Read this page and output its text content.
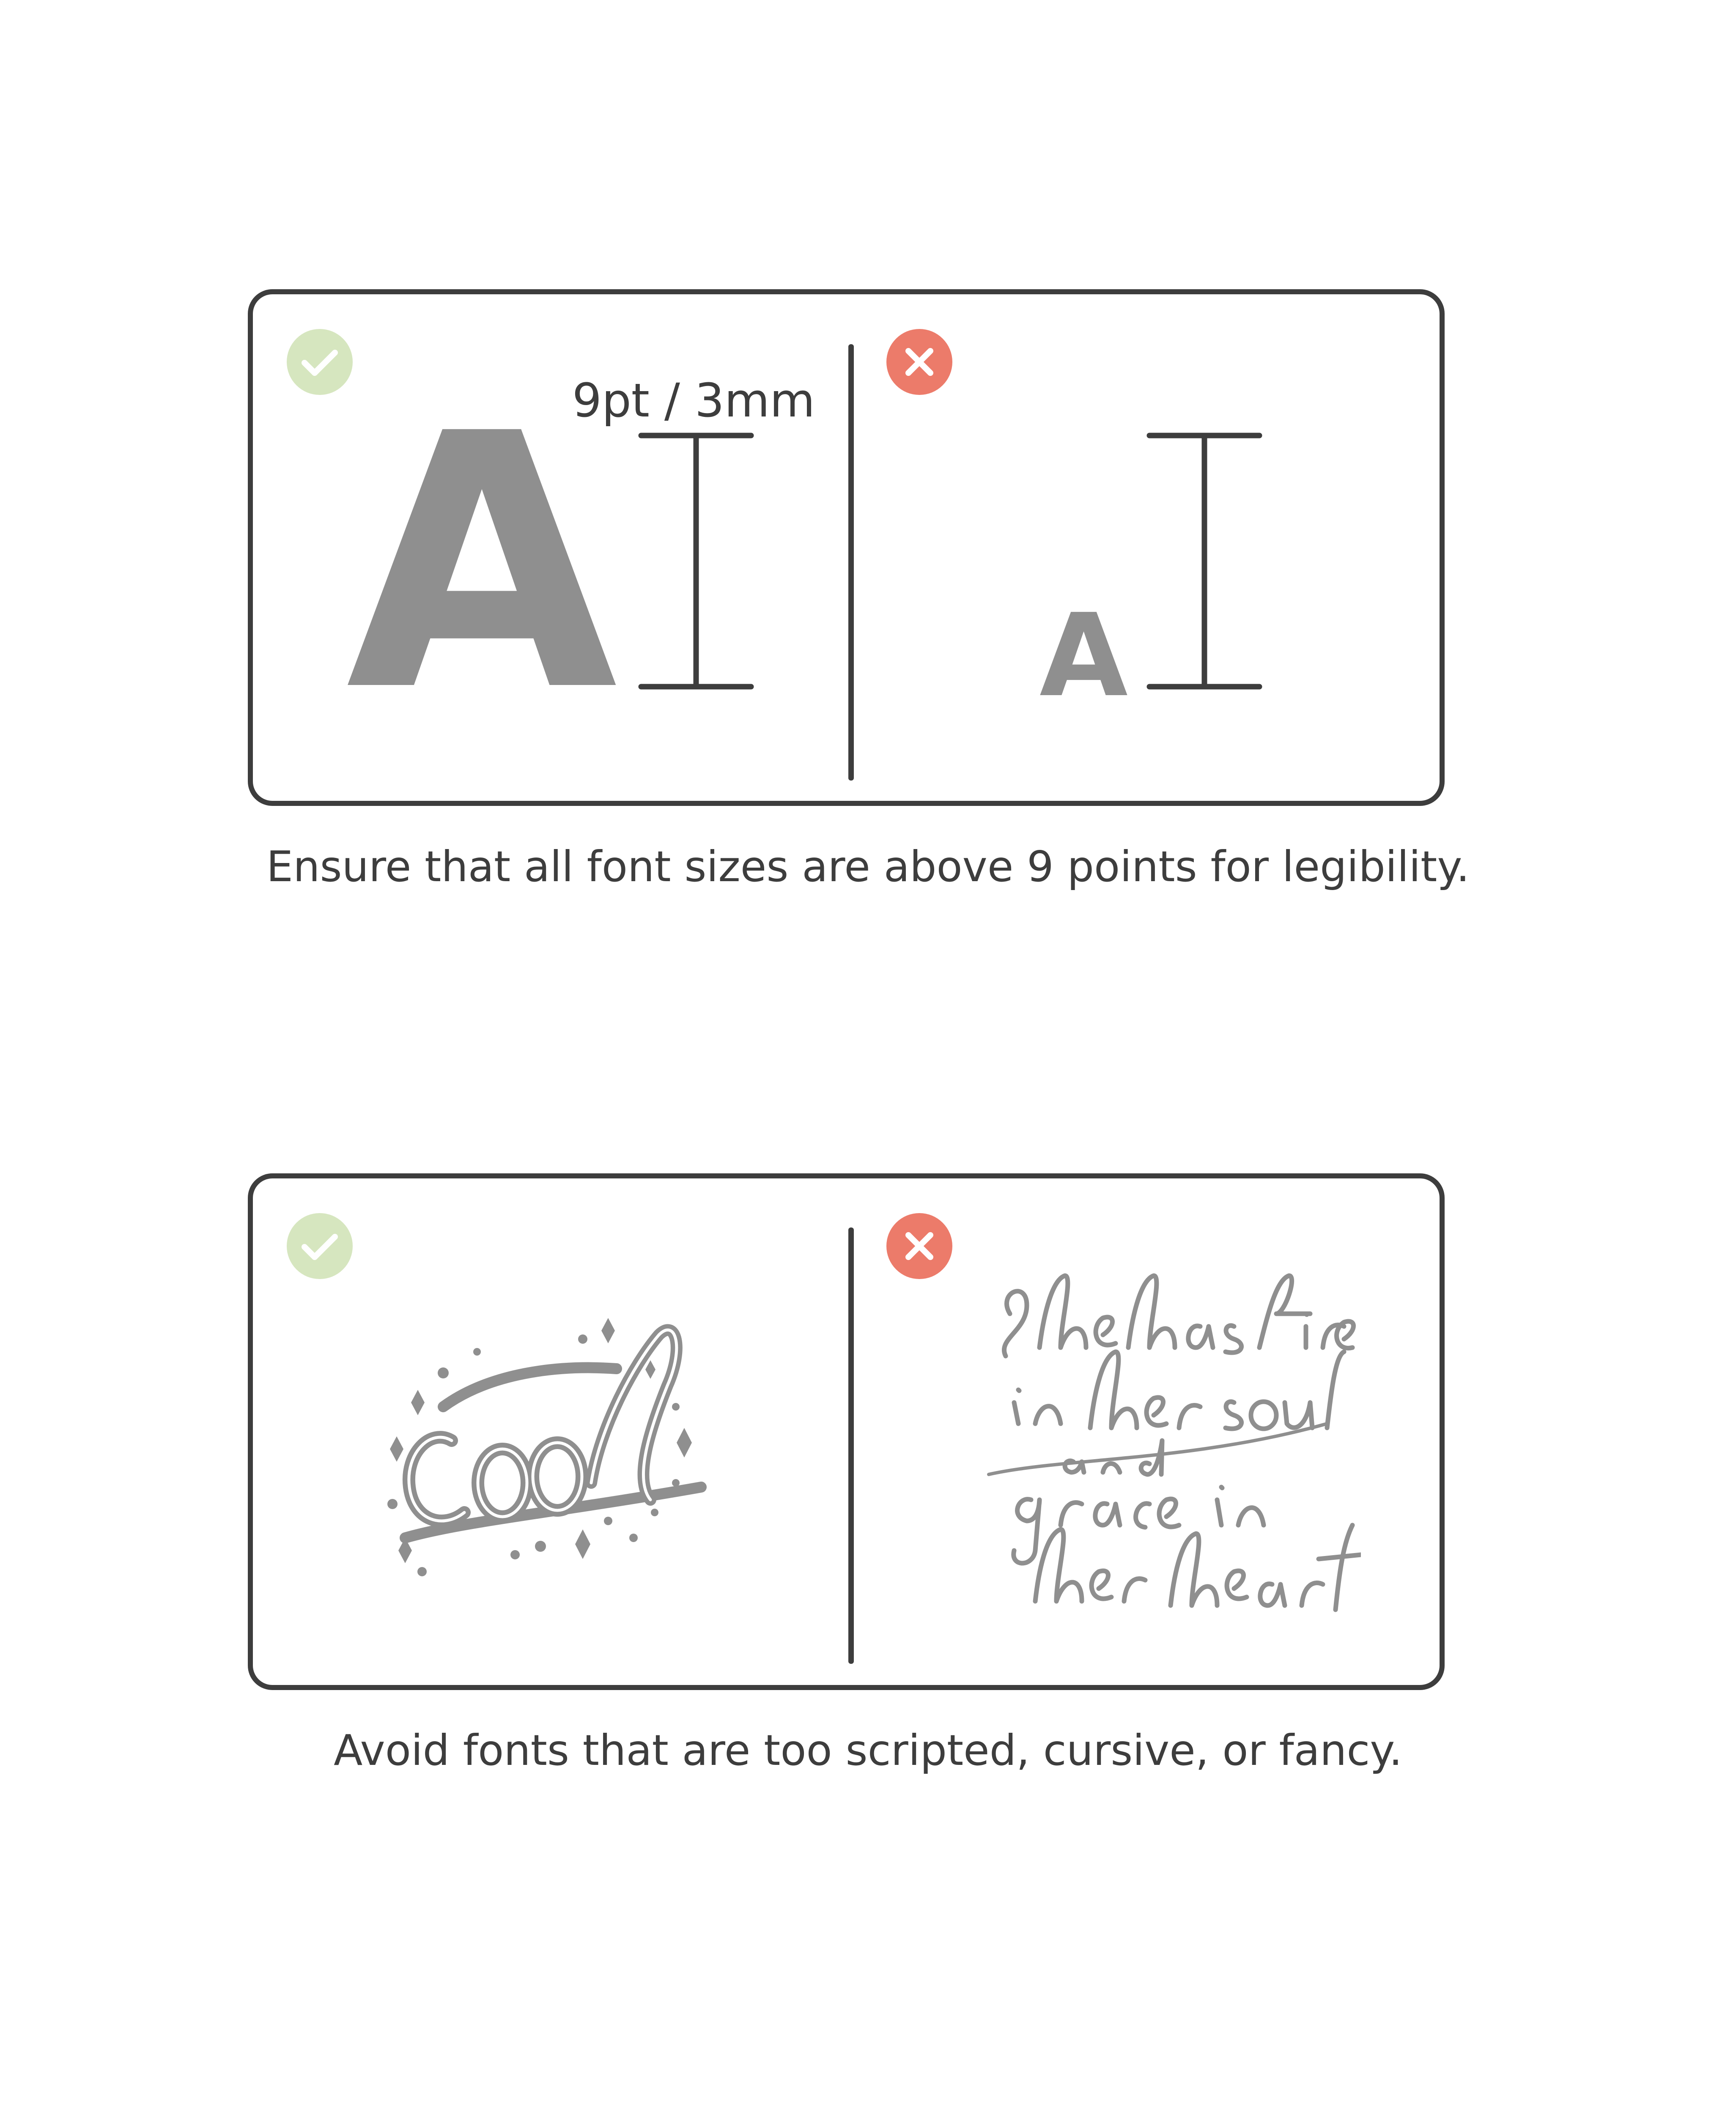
A
9pt / 3mm
A
Ensure that all font sizes are above 9 points for legibility.
Avoid fonts that are too scripted, cursive, or fancy.
